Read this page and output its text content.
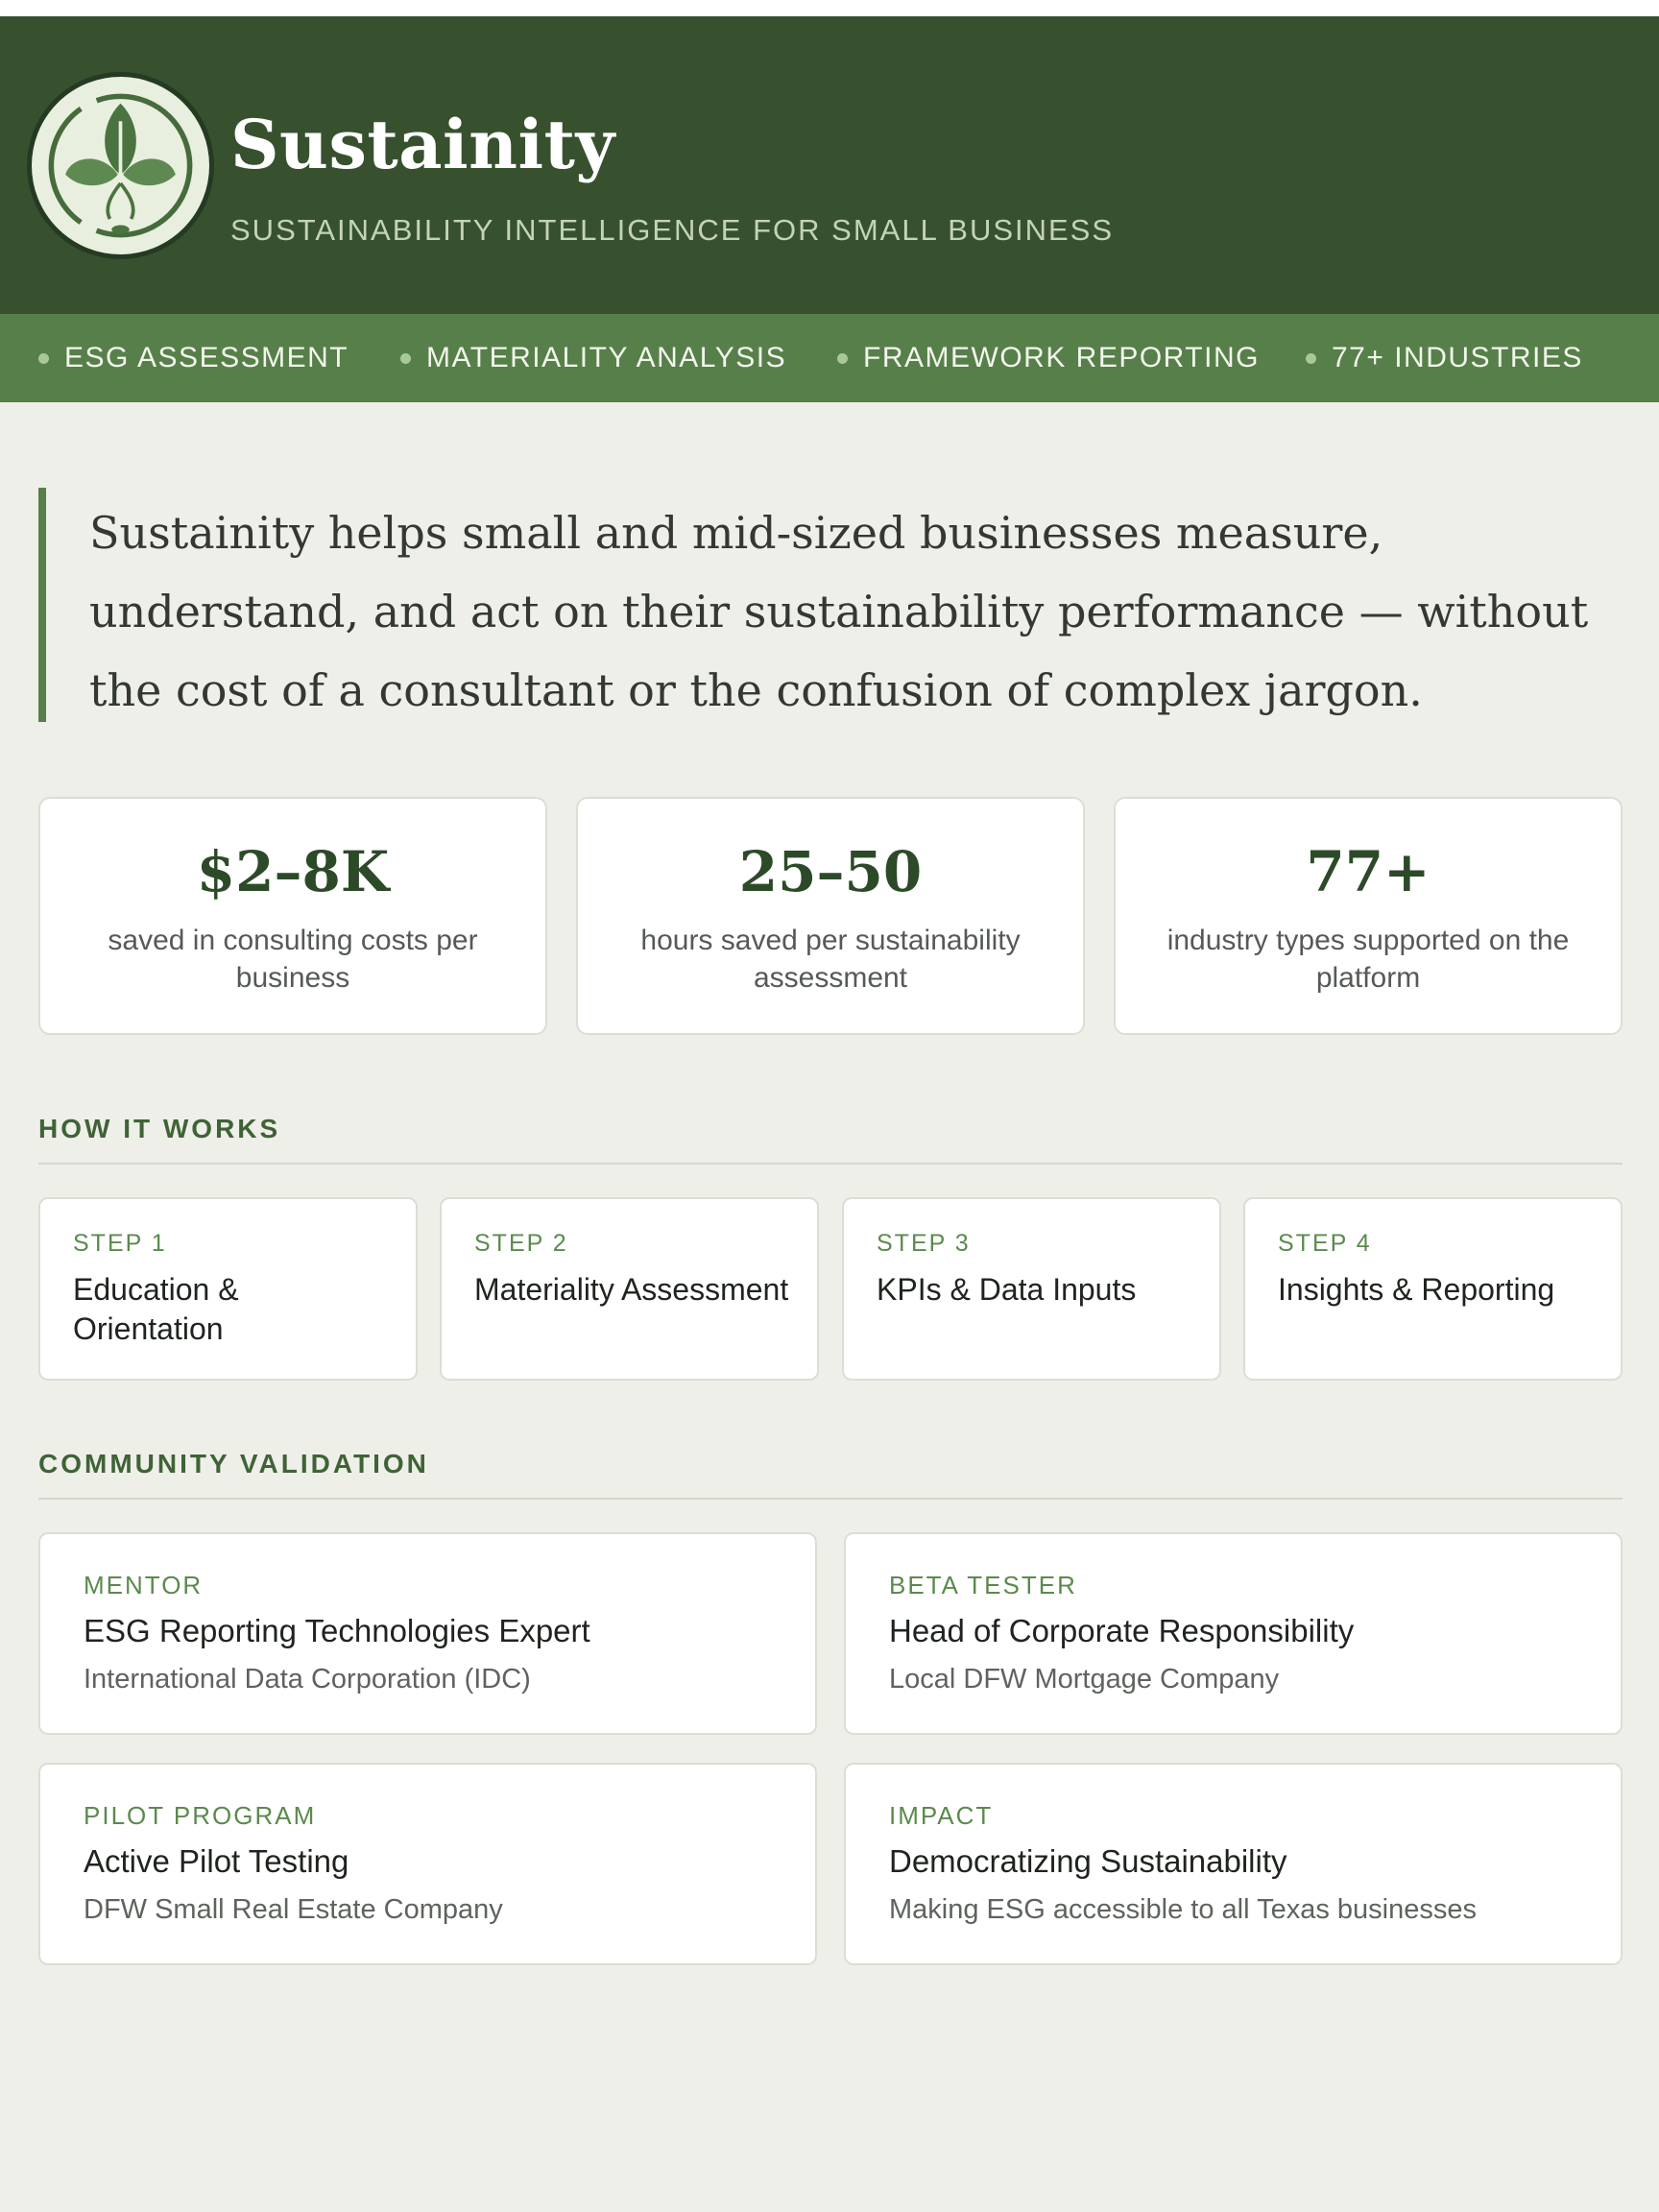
Sustainity
SUSTAINABILITY INTELLIGENCE FOR SMALL BUSINESS
ESG ASSESSMENT	MATERIALITY ANALYSIS	FRAMEWORK REPORTING	77+ INDUSTRIES
Sustainity helps small and mid-sized businesses measure, understand, and act on their sustainability performance — without the cost of a consultant or the confusion of complex jargon.
$2–8K
saved in consulting costs per business
25–50
hours saved per sustainability assessment
77+
industry types supported on the platform
HOW IT WORKS
STEP 1
Education & Orientation
STEP 2
Materiality Assessment
STEP 3
KPIs & Data Inputs
STEP 4
Insights & Reporting
COMMUNITY VALIDATION
MENTOR
ESG Reporting Technologies Expert
International Data Corporation (IDC)
BETA TESTER
Head of Corporate Responsibility
Local DFW Mortgage Company
PILOT PROGRAM
Active Pilot Testing
DFW Small Real Estate Company
IMPACT
Democratizing Sustainability
Making ESG accessible to all Texas businesses
